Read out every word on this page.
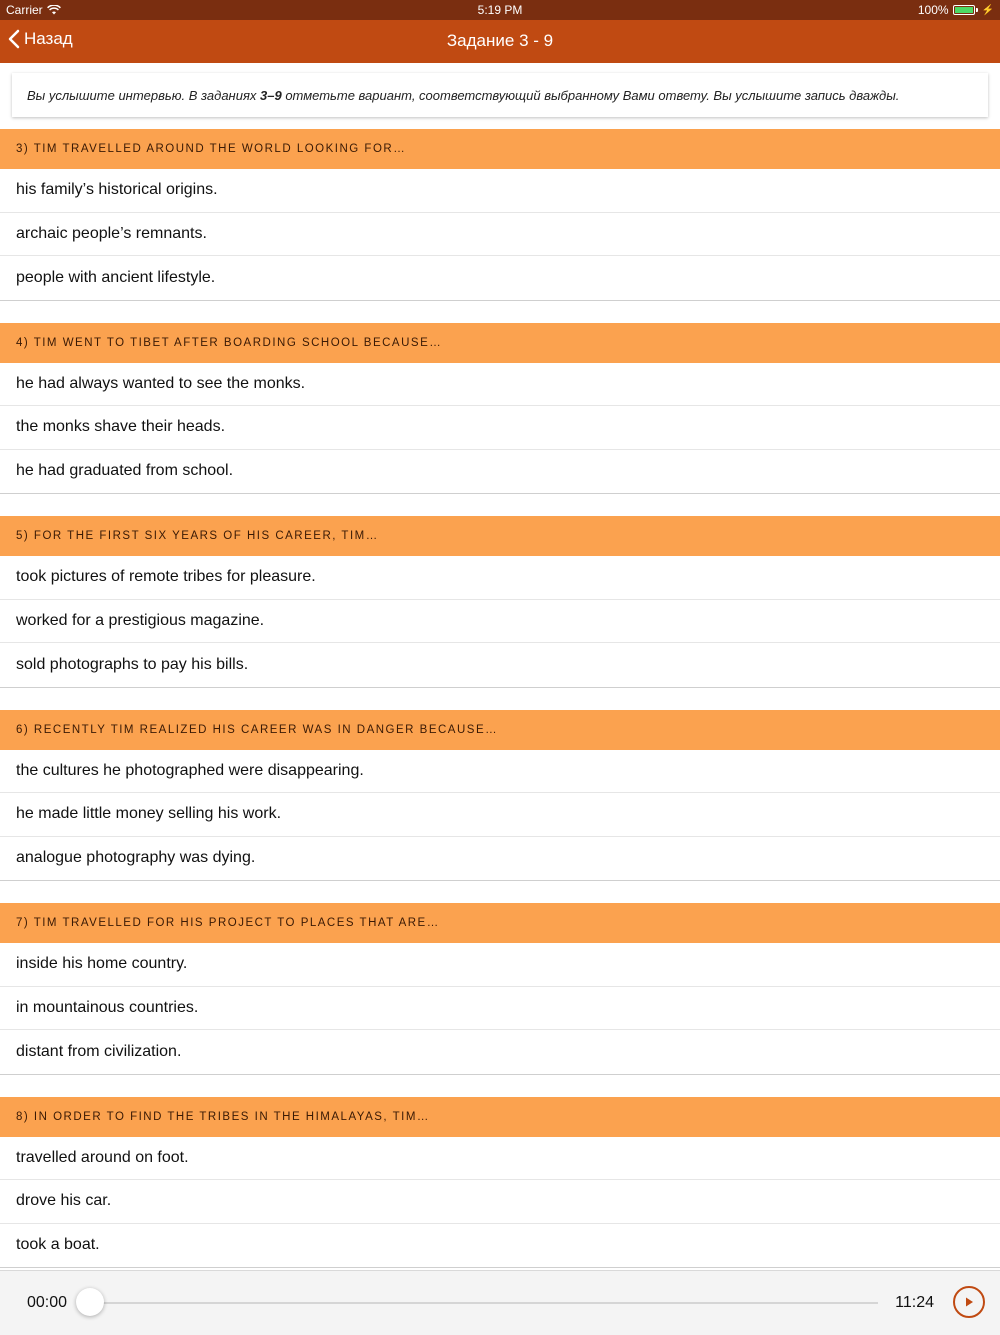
Carrier	5:19 PM	100%	⚡
Назад	Задание 3 - 9
Вы услышите интервью. В заданиях 3–9 отметьте вариант, соответствующий выбранному Вами ответу. Вы услышите запись дважды.
3) TIM TRAVELLED AROUND THE WORLD LOOKING FOR…
his family’s historical origins.
archaic people’s remnants.
people with ancient lifestyle.
4) TIM WENT TO TIBET AFTER BOARDING SCHOOL BECAUSE…
he had always wanted to see the monks.
the monks shave their heads.
he had graduated from school.
5) FOR THE FIRST SIX YEARS OF HIS CAREER, TIM…
took pictures of remote tribes for pleasure.
worked for a prestigious magazine.
sold photographs to pay his bills.
6) RECENTLY TIM REALIZED HIS CAREER WAS IN DANGER BECAUSE…
the cultures he photographed were disappearing.
he made little money selling his work.
analogue photography was dying.
7) TIM TRAVELLED FOR HIS PROJECT TO PLACES THAT ARE…
inside his home country.
in mountainous countries.
distant from civilization.
8) IN ORDER TO FIND THE TRIBES IN THE HIMALAYAS, TIM…
travelled around on foot.
drove his car.
took a boat.
00:00	11:24
